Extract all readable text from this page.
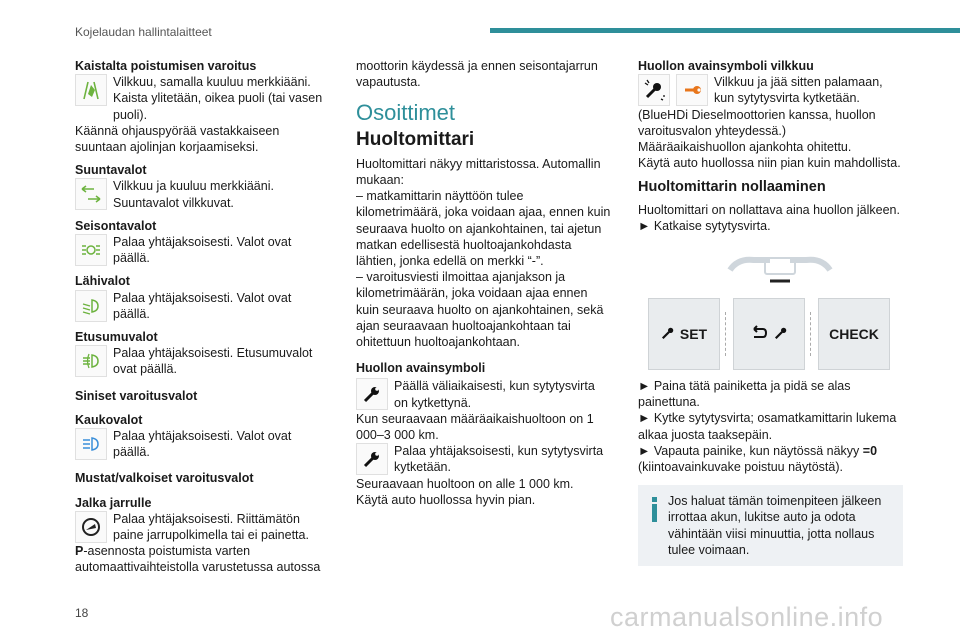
Kojelaudan hallintalaitteet
Kaistalta poistumisen varoitus
Vilkkuu, samalla kuuluu merkkiääni. Kaista ylitetään, oikea puoli (tai vasen puoli).
Käännä ohjauspyörää vastakkaiseen suuntaan ajolinjan korjaamiseksi.
Suuntavalot
Vilkkuu ja kuuluu merkkiääni. Suuntavalot vilkkuvat.
Seisontavalot
Palaa yhtäjaksoisesti. Valot ovat päällä.
Lähivalot
Palaa yhtäjaksoisesti. Valot ovat päällä.
Etusumuvalot
Palaa yhtäjaksoisesti. Etusumuvalot ovat päällä.
Siniset varoitusvalot
Kaukovalot
Palaa yhtäjaksoisesti. Valot ovat päällä.
Mustat/valkoiset varoitusvalot
Jalka jarrulle
Palaa yhtäjaksoisesti. Riittämätön paine jarrupolkimella tai ei painetta.
P-asennosta poistumista varten automaattivaihteistolla varustetussa autossa
moottorin käydessä ja ennen seisontajarrun vapautusta.
Osoittimet
Huoltomittari
Huoltomittari näkyy mittaristossa. Automallin mukaan:
– matkamittarin näyttöön tulee kilometrimäärä, joka voidaan ajaa, ennen kuin seuraava huolto on ajankohtainen, tai ajetun matkan edellisestä huoltoajankohdasta lähtien, jonka edellä on merkki “-”.
– varoitusviesti ilmoittaa ajanjakson ja kilometrimäärän, joka voidaan ajaa ennen kuin seuraava huolto on ajankohtainen, sekä ajan seuraavaan huoltoajankohtaan tai ohitettuun huoltoajankohtaan.
Huollon avainsymboli
Päällä väliaikaisesti, kun sytytysvirta on kytkettynä.
Kun seuraavaan määräaikaishuoltoon on 1 000–3 000 km.
Palaa yhtäjaksoisesti, kun sytytysvirta kytketään.
Seuraavaan huoltoon on alle 1 000 km.
Käytä auto huollossa hyvin pian.
Huollon avainsymboli vilkkuu
Vilkkuu ja jää sitten palamaan, kun sytytysvirta kytketään.
(BlueHDi Dieselmoottorien kanssa, huollon varoitusvalon yhteydessä.)
Määräaikaishuollon ajankohta ohitettu.
Käytä auto huollossa niin pian kuin mahdollista.
Huoltomittarin nollaaminen
Huoltomittari on nollattava aina huollon jälkeen.
► Katkaise sytytysvirta.
SET	CHECK
► Paina tätä painiketta ja pidä se alas painettuna.
► Kytke sytytysvirta; osamatkamittarin lukema alkaa juosta taaksepäin.
► Vapauta painike, kun näytössä näkyy =0 (kiintoavainkuvake poistuu näytöstä).
Jos haluat tämän toimenpiteen jälkeen irrottaa akun, lukitse auto ja odota vähintään viisi minuuttia, jotta nollaus tulee voimaan.
18	carmanualsonline.info
